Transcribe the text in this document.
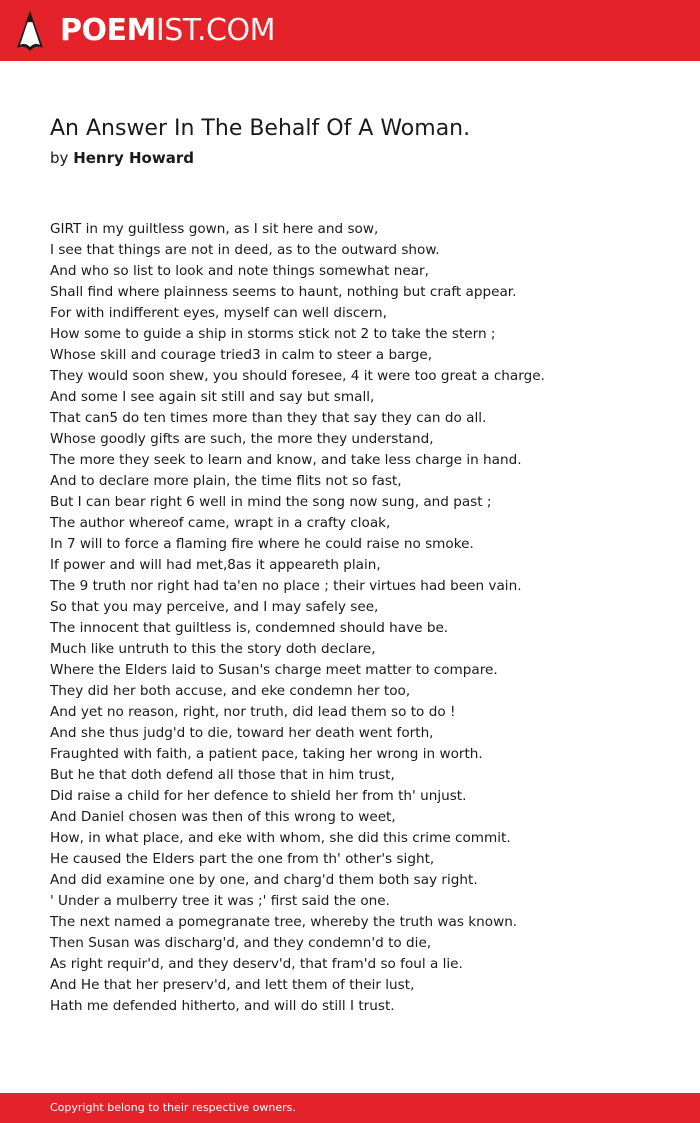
POEMIST.COM
An Answer In The Behalf Of A Woman.
by Henry Howard
GIRT in my guiltless gown, as I sit here and sow,
I see that things are not in deed, as to the outward show.
And who so list to look and note things somewhat near,
Shall find where plainness seems to haunt, nothing but craft appear.
For with indifferent eyes, myself can well discern,
How some to guide a ship in storms stick not 2 to take the stern ;
Whose skill and courage tried3 in calm to steer a barge,
They would soon shew, you should foresee, 4 it were too great a charge.
And some I see again sit still and say but small,
That can5 do ten times more than they that say they can do all.
Whose goodly gifts are such, the more they understand,
The more they seek to learn and know, and take less charge in hand.
And to declare more plain, the time flits not so fast,
But I can bear right 6 well in mind the song now sung, and past ;
The author whereof came, wrapt in a crafty cloak,
In 7 will to force a flaming fire where he could raise no smoke.
If power and will had met,8as it appeareth plain,
The 9 truth nor right had ta'en no place ; their virtues had been vain.
So that you may perceive, and I may safely see,
The innocent that guiltless is, condemned should have be.
Much like untruth to this the story doth declare,
Where the Elders laid to Susan's charge meet matter to compare.
They did her both accuse, and eke condemn her too,
And yet no reason, right, nor truth, did lead them so to do !
And she thus judg'd to die, toward her death went forth,
Fraughted with faith, a patient pace, taking her wrong in worth.
But he that doth defend all those that in him trust,
Did raise a child for her defence to shield her from th' unjust.
And Daniel chosen was then of this wrong to weet,
How, in what place, and eke with whom, she did this crime commit.
He caused the Elders part the one from th' other's sight,
And did examine one by one, and charg'd them both say right.
' Under a mulberry tree it was ;' first said the one.
The next named a pomegranate tree, whereby the truth was known.
Then Susan was discharg'd, and they condemn'd to die,
As right requir'd, and they deserv'd, that fram'd so foul a lie.
And He that her preserv'd, and lett them of their lust,
Hath me defended hitherto, and will do still I trust.
Copyright belong to their respective owners.
